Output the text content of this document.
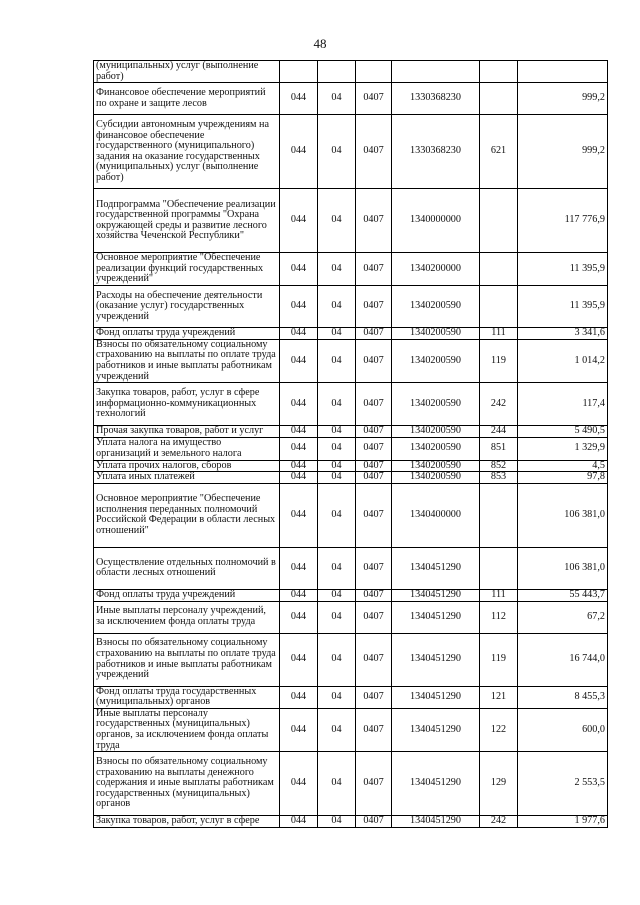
48
(муниципальных) услуг (выполнение работ)						
Финансовое обеспечение мероприятий по охране и защите лесов	044	04	0407	1330368230		999,2
Субсидии автономным учреждениям на финансовое обеспечение государственного (муниципального) задания на оказание государственных (муниципальных) услуг (выполнение работ)	044	04	0407	1330368230	621	999,2
Подпрограмма "Обеспечение реализации государственной программы "Охрана окружающей среды и развитие лесного хозяйства Чеченской Республики"	044	04	0407	1340000000		117 776,9
Основное мероприятие "Обеспечение реализации функций государственных учреждений"	044	04	0407	1340200000		11 395,9
Расходы на обеспечение деятельности (оказание услуг) государственных учреждений	044	04	0407	1340200590		11 395,9
Фонд оплаты труда учреждений	044	04	0407	1340200590	111	3 341,6
Взносы по обязательному социальному страхованию на выплаты по оплате труда работников и иные выплаты работникам учреждений	044	04	0407	1340200590	119	1 014,2
Закупка товаров, работ, услуг в сфере информационно-коммуникационных технологий	044	04	0407	1340200590	242	117,4
Прочая закупка товаров, работ и услуг	044	04	0407	1340200590	244	5 490,5
Уплата налога на имущество организаций и земельного налога	044	04	0407	1340200590	851	1 329,9
Уплата прочих налогов, сборов	044	04	0407	1340200590	852	4,5
Уплата иных платежей	044	04	0407	1340200590	853	97,8
Основное мероприятие "Обеспечение исполнения переданных полномочий Российской Федерации в области лесных отношений"	044	04	0407	1340400000		106 381,0
Осуществление отдельных полномочий в области лесных отношений	044	04	0407	1340451290		106 381,0
Фонд оплаты труда учреждений	044	04	0407	1340451290	111	55 443,7
Иные выплаты персоналу учреждений, за исключением фонда оплаты труда	044	04	0407	1340451290	112	67,2
Взносы по обязательному социальному страхованию на выплаты по оплате труда работников и иные выплаты работникам учреждений	044	04	0407	1340451290	119	16 744,0
Фонд оплаты труда государственных (муниципальных) органов	044	04	0407	1340451290	121	8 455,3
Иные выплаты персоналу государственных (муниципальных) органов, за исключением фонда оплаты труда	044	04	0407	1340451290	122	600,0
Взносы по обязательному социальному страхованию на выплаты денежного содержания и иные выплаты работникам государственных (муниципальных) органов	044	04	0407	1340451290	129	2 553,5
Закупка товаров, работ, услуг в сфере	044	04	0407	1340451290	242	1 977,6
